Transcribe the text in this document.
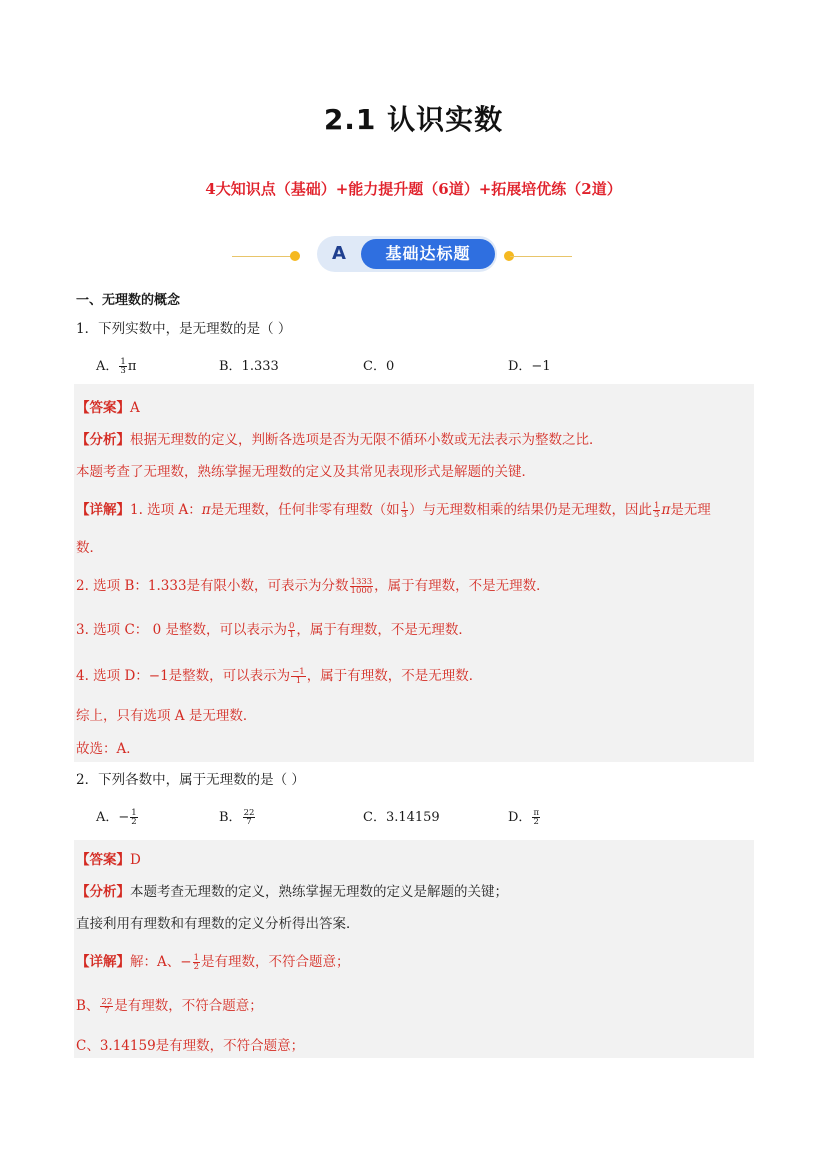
2.1 认识实数
4大知识点（基础）+能力提升题（6道）+拓展培优练（2道）
A	基础达标题
一、无理数的概念
1．下列实数中，是无理数的是（ ）
A． $\frac{1}{3}$ π	B．1.333	C．0	D．−1
【答案】A
【分析】根据无理数的定义，判断各选项是否为无限不循环小数或无法表示为整数之比．
本题考查了无理数，熟练掌握无理数的定义及其常见表现形式是解题的关键．
【详解】1. 选项 A：π是无理数，任何非零有理数（如 $\frac{1}{3}$ ）与无理数相乘的结果仍是无理数，因此 $\frac{1}{3}$ π是无理
数．
2. 选项 B：1.333是有限小数，可表示为分数 $\frac{1333}{1000}$ ，属于有理数，不是无理数．
3. 选项 C： 0 是整数，可以表示为 $\frac{0}{1}$ ，属于有理数，不是无理数．
4. 选项 D：−1是整数，可以表示为 $\frac{-1}{1}$ ，属于有理数，不是无理数．
综上，只有选项 A 是无理数．
故选：A．
2．下列各数中，属于无理数的是（ ）
A．− $\frac{1}{2}$	B． $\frac{22}{7}$	C．3.14159	D． $\frac{\pi}{2}$
【答案】D
【分析】本题考查无理数的定义，熟练掌握无理数的定义是解题的关键；
直接利用有理数和有理数的定义分析得出答案．
【详解】解：A、− $\frac{1}{2}$ 是有理数，不符合题意；
B、 $\frac{22}{7}$ 是有理数，不符合题意；
C、3.14159是有理数，不符合题意；
